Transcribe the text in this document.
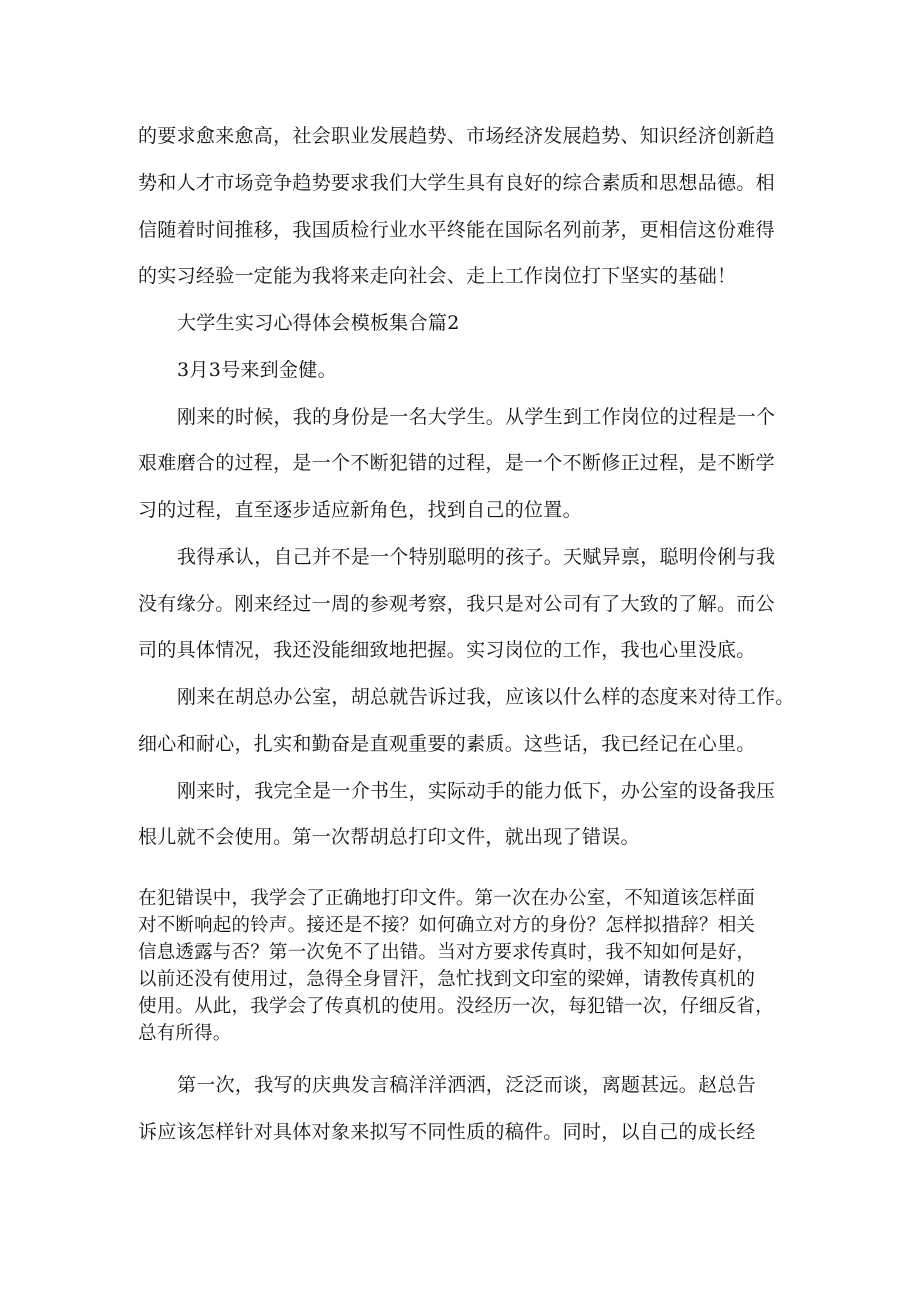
的要求愈来愈高，社会职业发展趋势、市场经济发展趋势、知识经济创新趋
势和人才市场竞争趋势要求我们大学生具有良好的综合素质和思想品德。相
信随着时间推移，我国质检行业水平终能在国际名列前茅，更相信这份难得
的实习经验一定能为我将来走向社会、走上工作岗位打下坚实的基础！
大学生实习心得体会模板集合篇2
3月3号来到金健。
刚来的时候，我的身份是一名大学生。从学生到工作岗位的过程是一个
艰难磨合的过程，是一个不断犯错的过程，是一个不断修正过程，是不断学
习的过程，直至逐步适应新角色，找到自己的位置。
我得承认，自己并不是一个特别聪明的孩子。天赋异禀，聪明伶俐与我
没有缘分。刚来经过一周的参观考察，我只是对公司有了大致的了解。而公
司的具体情况，我还没能细致地把握。实习岗位的工作，我也心里没底。
刚来在胡总办公室，胡总就告诉过我，应该以什么样的态度来对待工作。
细心和耐心，扎实和勤奋是直观重要的素质。这些话，我已经记在心里。
刚来时，我完全是一介书生，实际动手的能力低下，办公室的设备我压
根儿就不会使用。第一次帮胡总打印文件，就出现了错误。
在犯错误中，我学会了正确地打印文件。第一次在办公室，不知道该怎样面
对不断响起的铃声。接还是不接？如何确立对方的身份？怎样拟措辞？相关
信息透露与否？第一次免不了出错。当对方要求传真时，我不知如何是好，
以前还没有使用过，急得全身冒汗，急忙找到文印室的梁婵，请教传真机的
使用。从此，我学会了传真机的使用。没经历一次，每犯错一次，仔细反省，
总有所得。
第一次，我写的庆典发言稿洋洋洒洒，泛泛而谈，离题甚远。赵总告
诉应该怎样针对具体对象来拟写不同性质的稿件。同时，以自己的成长经
